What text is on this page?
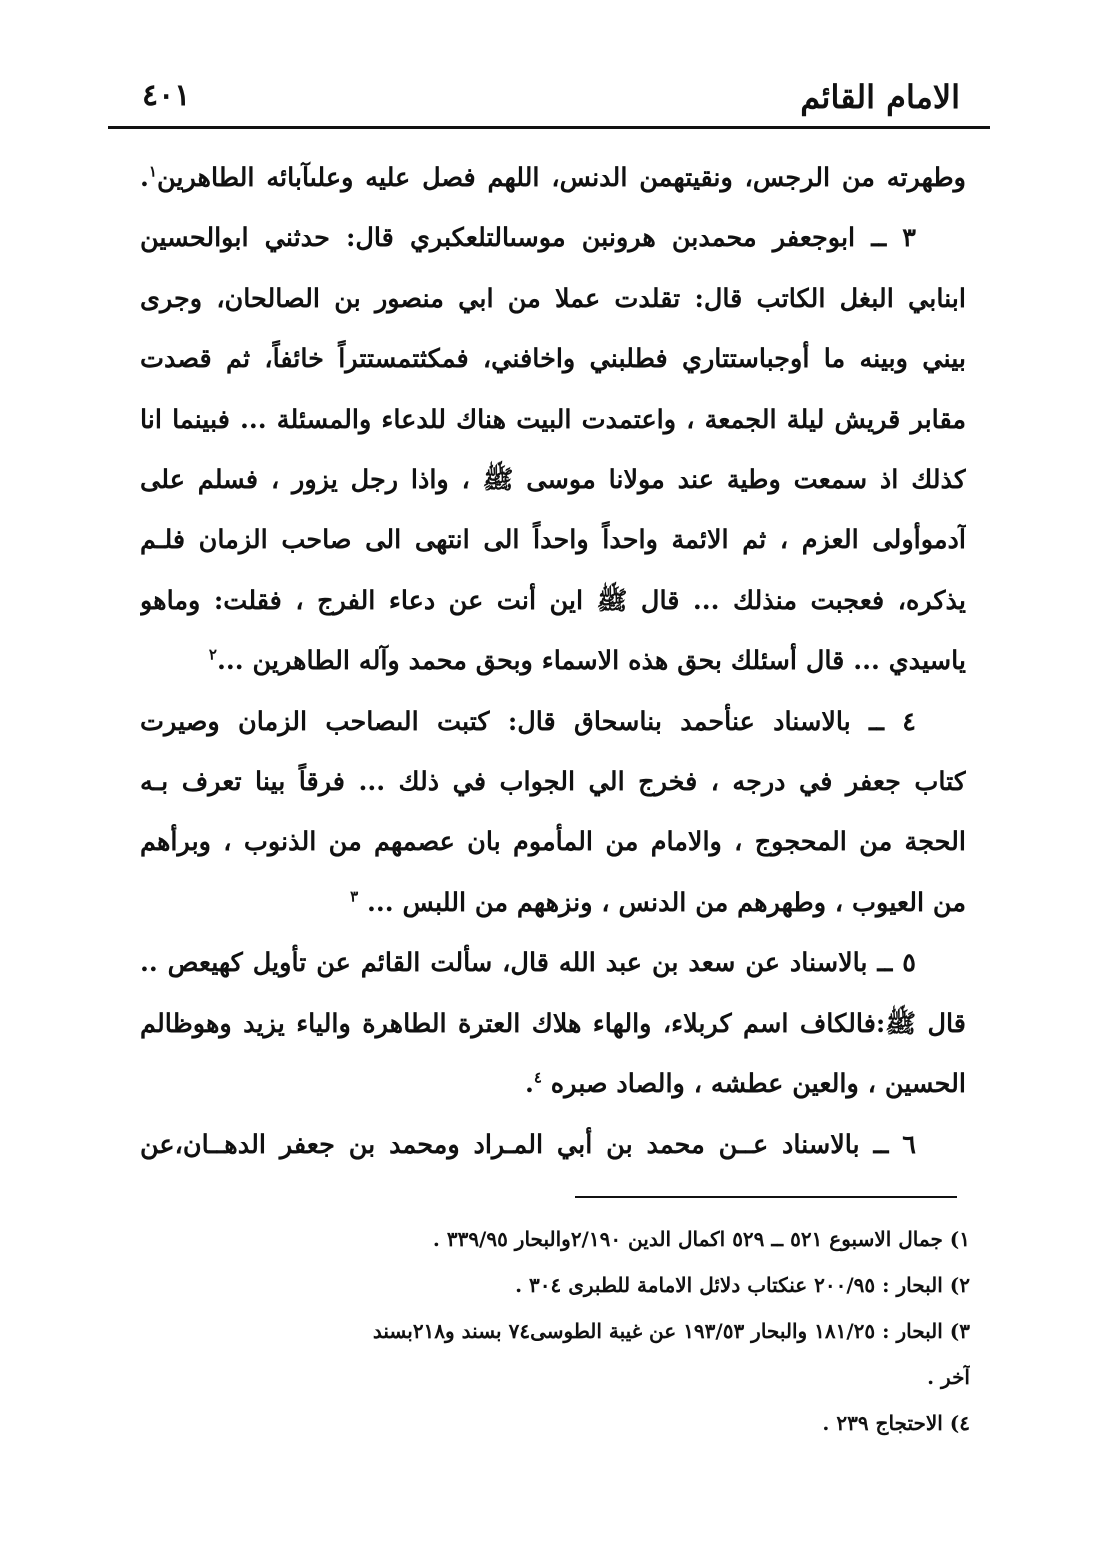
الامام القائم
٤٠١
وطهرته من الرجس، ونقيتهمن الدنس، اللهم فصل عليه وعلىآبائه الطاهرين$^١$.
٣ ــ ابوجعفر محمدبن هرونبن موسىالتلعكبري قال: حدثني ابوالحسين
ابنابي البغل الكاتب قال: تقلدت عملا من ابي منصور بن الصالحان، وجرى
بيني وبينه ما أوجباستتاري فطلبني واخافني، فمكثتمستتراً خائفاً، ثم قصدت
مقابر قريش ليلة الجمعة ، واعتمدت البيت هناك للدعاء والمسئلة ... فبينما انا
كذلك اذ سمعت وطية عند مولانا موسى ﷺ ، واذا رجل يزور ، فسلم على
آدموأولى العزم ، ثم الائمة واحداً واحداً الى انتهى الى صاحب الزمان فلـم
يذكره، فعجبت منذلك ... قال ﷺ اين أنت عن دعاء الفرج ، فقلت: وماهو
ياسيدي ... قال أسئلك بحق هذه الاسماء وبحق محمد وآله الطاهرين ...$^٢$
٤ ــ بالاسناد عنأحمد بناسحاق قال: كتبت الىصاحب الزمان وصيرت
كتاب جعفر في درجه ، فخرج الي الجواب في ذلك ... فرقاً بينا تعرف بـه
الحجة من المحجوج ، والامام من المأموم بان عصمهم من الذنوب ، وبرأهم
من العيوب ، وطهرهم من الدنس ، ونزههم من اللبس ... $^٣$
٥ ــ بالاسناد عن سعد بن عبد الله قال، سألت القائم عن تأويل كهيعص ..
قال ﷺ:فالكاف اسم كربلاء، والهاء هلاك العترة الطاهرة والياء يزيد وهوظالم
الحسين ، والعين عطشه ، والصاد صبره $^٤$.
٦ ــ بالاسناد عــن محمد بن أبي المـراد ومحمد بن جعفر الدهــان،عن
١) جمال الاسبوع ٥٢١ ــ ٥٢٩ اكمال الدين ٢/١٩٠والبحار ٣٣٩/٩٥ .
٢) البحار : ٢٠٠/٩٥ عنكتاب دلائل الامامة للطبرى ٣٠٤ .
٣) البحار : ١٨١/٢٥ والبحار ١٩٣/٥٣ عن غيبة الطوسى٧٤ بسند و٢١٨بسند
آخر .
٤) الاحتجاج ٢٣٩ .
